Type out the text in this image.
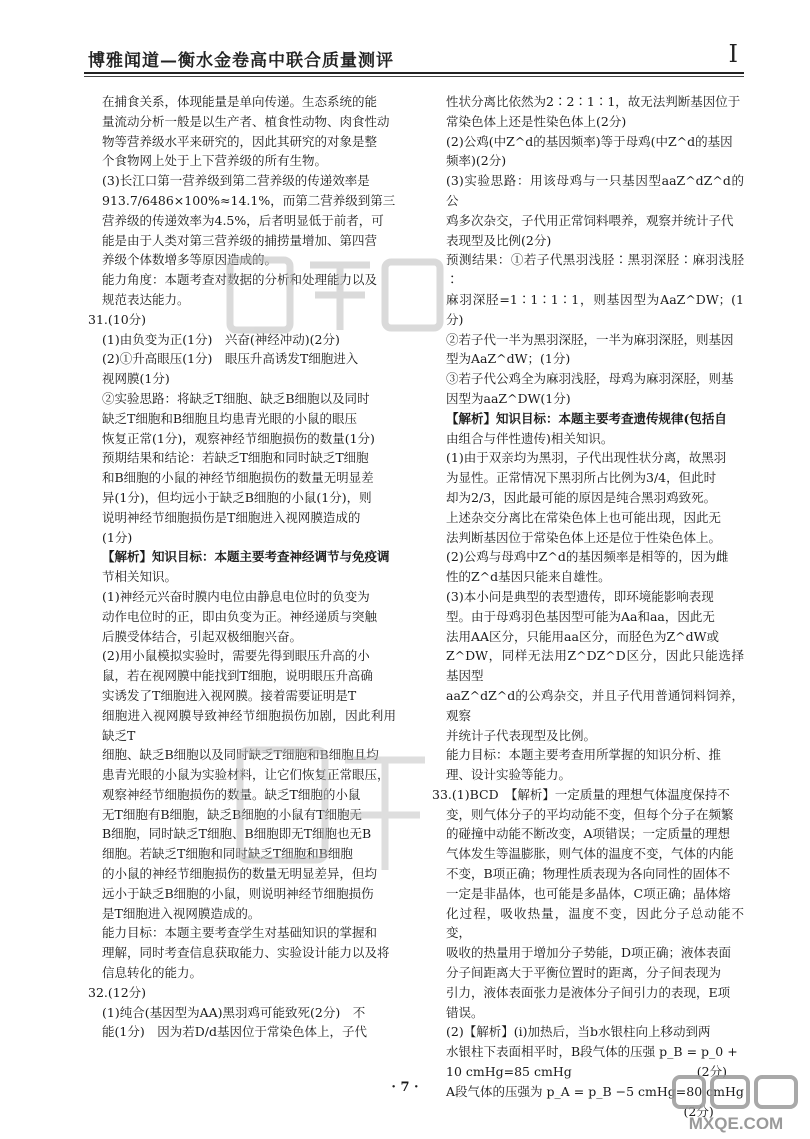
博雅闻道—衡水金卷高中联合质量测评	I

在捕食关系，体现能量是单向传递。生态系统的能

量流动分析一般是以生产者、植食性动物、肉食性动

物等营养级水平来研究的，因此其研究的对象是整

个食物网上处于上下营养级的所有生物。

(3)长江口第一营养级到第二营养级的传递效率是

913.7/6486×100%≈14.1%，而第二营养级到第三

营养级的传递效率为4.5%，后者明显低于前者，可

能是由于人类对第三营养级的捕捞量增加、第四营

养级个体数增多等原因造成的。

能力角度：本题考查对数据的分析和处理能力以及

规范表达能力。

31.(10分)

(1)由负变为正(1分)　兴奋(神经冲动)(2分)

(2)①升高眼压(1分)　眼压升高诱发T细胞进入

视网膜(1分)

②实验思路：将缺乏T细胞、缺乏B细胞以及同时

缺乏T细胞和B细胞且均患青光眼的小鼠的眼压

恢复正常(1分)，观察神经节细胞损伤的数量(1分)

预期结果和结论：若缺乏T细胞和同时缺乏T细胞

和B细胞的小鼠的神经节细胞损伤的数量无明显差

异(1分)，但均远小于缺乏B细胞的小鼠(1分)，则

说明神经节细胞损伤是T细胞进入视网膜造成的

(1分)

【解析】知识目标：本题主要考查神经调节与免疫调

节相关知识。

(1)神经元兴奋时膜内电位由静息电位时的负变为

动作电位时的正，即由负变为正。神经递质与突触

后膜受体结合，引起双极细胞兴奋。

(2)用小鼠模拟实验时，需要先得到眼压升高的小

鼠，若在视网膜中能找到T细胞，说明眼压升高确

实诱发了T细胞进入视网膜。接着需要证明是T

细胞进入视网膜导致神经节细胞损伤加剧，因此利用缺乏T

细胞、缺乏B细胞以及同时缺乏T细胞和B细胞且均

患青光眼的小鼠为实验材料，让它们恢复正常眼压，

观察神经节细胞损伤的数量。缺乏T细胞的小鼠

无T细胞有B细胞，缺乏B细胞的小鼠有T细胞无

B细胞，同时缺乏T细胞、B细胞即无T细胞也无B

细胞。若缺乏T细胞和同时缺乏T细胞和B细胞

的小鼠的神经节细胞损伤的数量无明显差异，但均

远小于缺乏B细胞的小鼠，则说明神经节细胞损伤

是T细胞进入视网膜造成的。

能力目标：本题主要考查学生对基础知识的掌握和

理解，同时考查信息获取能力、实验设计能力以及将

信息转化的能力。

32.(12分)

(1)纯合(基因型为AA)黑羽鸡可能致死(2分)　不

能(1分)　因为若D/d基因位于常染色体上，子代

性状分离比依然为2∶2∶1∶1，故无法判断基因位于

常染色体上还是性染色体上(2分)

(2)公鸡(中Z^d的基因频率)等于母鸡(中Z^d的基因

频率)(2分)

(3)实验思路：用该母鸡与一只基因型aaZ^dZ^d的公

鸡多次杂交，子代用正常饲料喂养，观察并统计子代

表现型及比例(2分)

预测结果：①若子代黑羽浅胫∶黑羽深胫∶麻羽浅胫∶

麻羽深胫=1∶1∶1∶1，则基因型为AaZ^DW；(1分)

②若子代一半为黑羽深胫，一半为麻羽深胫，则基因

型为AaZ^dW；(1分)

③若子代公鸡全为麻羽浅胫，母鸡为麻羽深胫，则基

因型为aaZ^DW(1分)

【解析】知识目标：本题主要考查遗传规律(包括自

由组合与伴性遗传)相关知识。

(1)由于双亲均为黑羽，子代出现性状分离，故黑羽

为显性。正常情况下黑羽所占比例为3/4，但此时

却为2/3，因此最可能的原因是纯合黑羽鸡致死。

上述杂交分离比在常染色体上也可能出现，因此无

法判断基因位于常染色体上还是位于性染色体上。

(2)公鸡与母鸡中Z^d的基因频率是相等的，因为雌

性的Z^d基因只能来自雄性。

(3)本小问是典型的表型遗传，即环境能影响表现

型。由于母鸡羽色基因型可能为Aa和aa，因此无

法用AA区分，只能用aa区分，而胫色为Z^dW或

Z^DW，同样无法用Z^DZ^D区分，因此只能选择基因型

aaZ^dZ^d的公鸡杂交，并且子代用普通饲料饲养，观察

并统计子代表现型及比例。

能力目标：本题主要考查用所掌握的知识分析、推

理、设计实验等能力。

33.(1)BCD　【解析】一定质量的理想气体温度保持不

变，则气体分子的平均动能不变，但每个分子在频繁

的碰撞中动能不断改变，A项错误；一定质量的理想

气体发生等温膨胀，则气体的温度不变，气体的内能

不变，B项正确；物理性质表现为各向同性的固体不

一定是非晶体，也可能是多晶体，C项正确；晶体熔

化过程，吸收热量，温度不变，因此分子总动能不变，

吸收的热量用于增加分子势能，D项正确；液体表面

分子间距离大于平衡位置时的距离，分子间表现为

引力，液体表面张力是液体分子间引力的表现，E项

错误。

(2)【解析】(ⅰ)加热后，当b水银柱向上移动到两

水银柱下表面相平时，B段气体的压强 p_B = p_0 +

10 cmHg=85 cmHg　　　　　　　　　　(2分)

A段气体的压强为 p_A = p_B −5 cmHg=80 cmHg

　　　　　　　　　　　　　　　　　　　(2分)

· 7 ·
MXQE.COM
